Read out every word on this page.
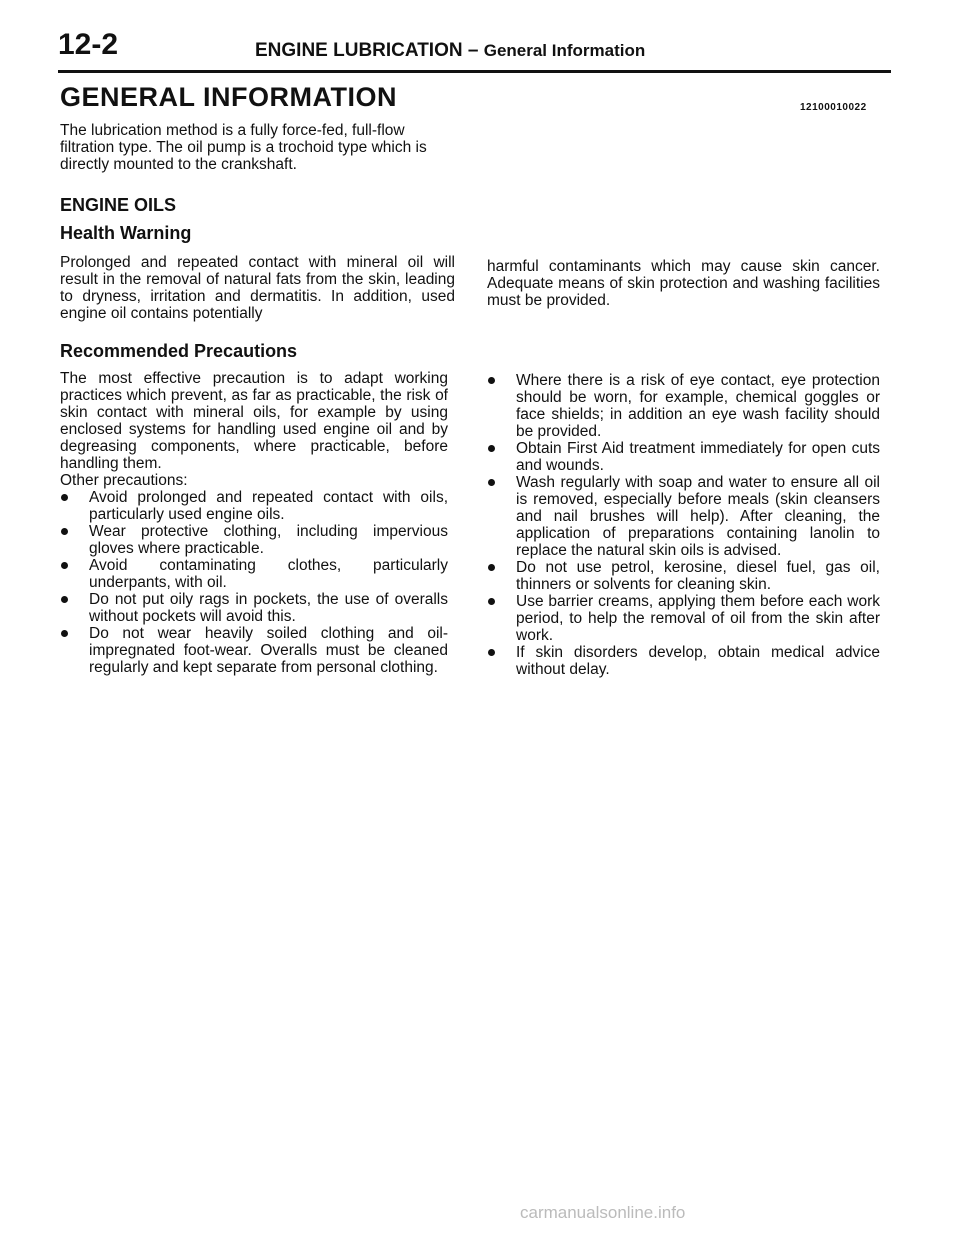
12-2	ENGINE LUBRICATION – General Information
GENERAL INFORMATION	12100010022

The lubrication method is a fully force-fed, full-flow filtration type. The oil pump is a trochoid type which is directly mounted to the crankshaft.

ENGINE OILS
Health Warning

Prolonged and repeated contact with mineral oil will result in the removal of natural fats from the skin, leading to dryness, irritation and dermatitis. In addition, used engine oil contains potentially

harmful contaminants which may cause skin cancer. Adequate means of skin protection and washing facilities must be provided.

Recommended Precautions

The most effective precaution is to adapt working practices which prevent, as far as practicable, the risk of skin contact with mineral oils, for example by using enclosed systems for handling used engine oil and by degreasing components, where practicable, before handling them.
Other precautions:

Avoid prolonged and repeated contact with oils, particularly used engine oils.
Wear protective clothing, including impervious gloves where practicable.
Avoid contaminating clothes, particularly underpants, with oil.
Do not put oily rags in pockets, the use of overalls without pockets will avoid this.
Do not wear heavily soiled clothing and oil-impregnated foot-wear. Overalls must be cleaned regularly and kept separate from personal clothing.
Where there is a risk of eye contact, eye protection should be worn, for example, chemical goggles or face shields; in addition an eye wash facility should be provided.
Obtain First Aid treatment immediately for open cuts and wounds.
Wash regularly with soap and water to ensure all oil is removed, especially before meals (skin cleansers and nail brushes will help). After cleaning, the application of preparations containing lanolin to replace the natural skin oils is advised.
Do not use petrol, kerosine, diesel fuel, gas oil, thinners or solvents for cleaning skin.
Use barrier creams, applying them before each work period, to help the removal of oil from the skin after work.
If skin disorders develop, obtain medical advice without delay.
carmanualsonline.info
